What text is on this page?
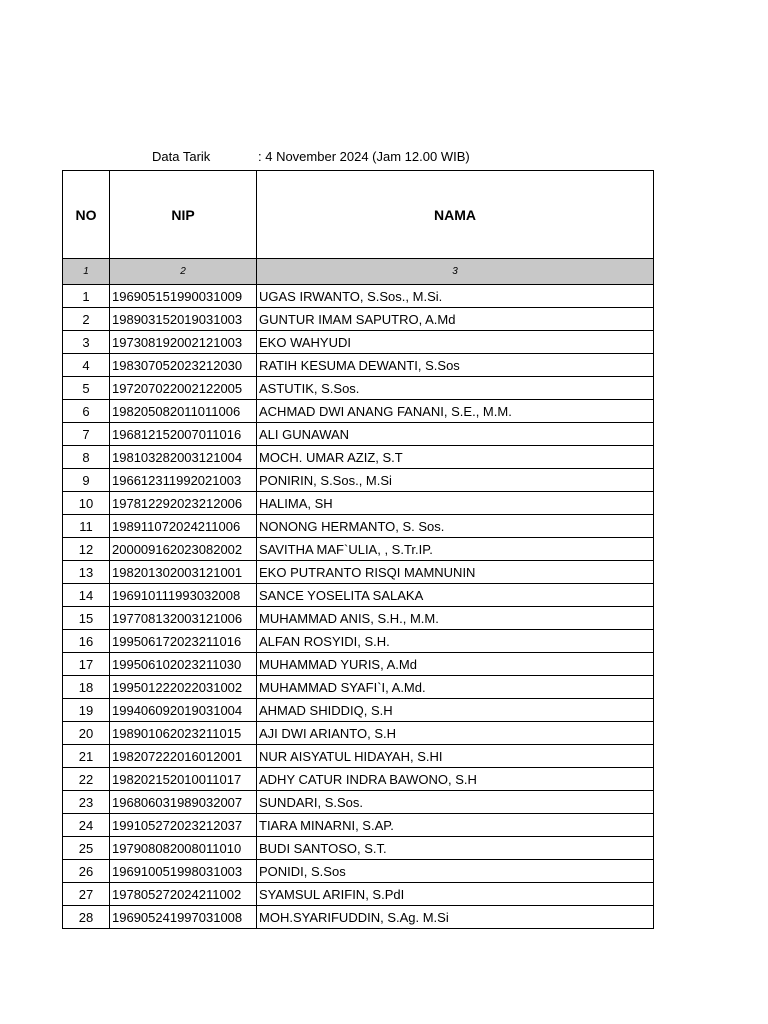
Data Tarik	: 4 November 2024 (Jam 12.00 WIB)
NO	NIP	NAMA
1	2	3
1	196905151990031009	UGAS IRWANTO, S.Sos., M.Si.
2	198903152019031003	GUNTUR IMAM SAPUTRO, A.Md
3	197308192002121003	EKO WAHYUDI
4	198307052023212030	RATIH KESUMA DEWANTI, S.Sos
5	197207022002122005	ASTUTIK, S.Sos.
6	198205082011011006	ACHMAD DWI ANANG FANANI, S.E., M.M.
7	196812152007011016	ALI GUNAWAN
8	198103282003121004	MOCH. UMAR AZIZ, S.T
9	196612311992021003	PONIRIN, S.Sos., M.Si
10	197812292023212006	HALIMA, SH
11	198911072024211006	NONONG HERMANTO, S. Sos.
12	200009162023082002	SAVITHA MAF`ULIA, , S.Tr.IP.
13	198201302003121001	EKO PUTRANTO RISQI MAMNUNIN
14	196910111993032008	SANCE YOSELITA SALAKA
15	197708132003121006	MUHAMMAD ANIS, S.H., M.M.
16	199506172023211016	ALFAN ROSYIDI, S.H.
17	199506102023211030	MUHAMMAD YURIS, A.Md
18	199501222022031002	MUHAMMAD SYAFI`I, A.Md.
19	199406092019031004	AHMAD SHIDDIQ, S.H
20	198901062023211015	AJI DWI ARIANTO, S.H
21	198207222016012001	NUR AISYATUL HIDAYAH, S.HI
22	198202152010011017	ADHY CATUR INDRA BAWONO, S.H
23	196806031989032007	SUNDARI, S.Sos.
24	199105272023212037	TIARA MINARNI, S.AP.
25	197908082008011010	BUDI SANTOSO, S.T.
26	196910051998031003	PONIDI, S.Sos
27	197805272024211002	SYAMSUL ARIFIN, S.PdI
28	196905241997031008	MOH.SYARIFUDDIN, S.Ag. M.Si
